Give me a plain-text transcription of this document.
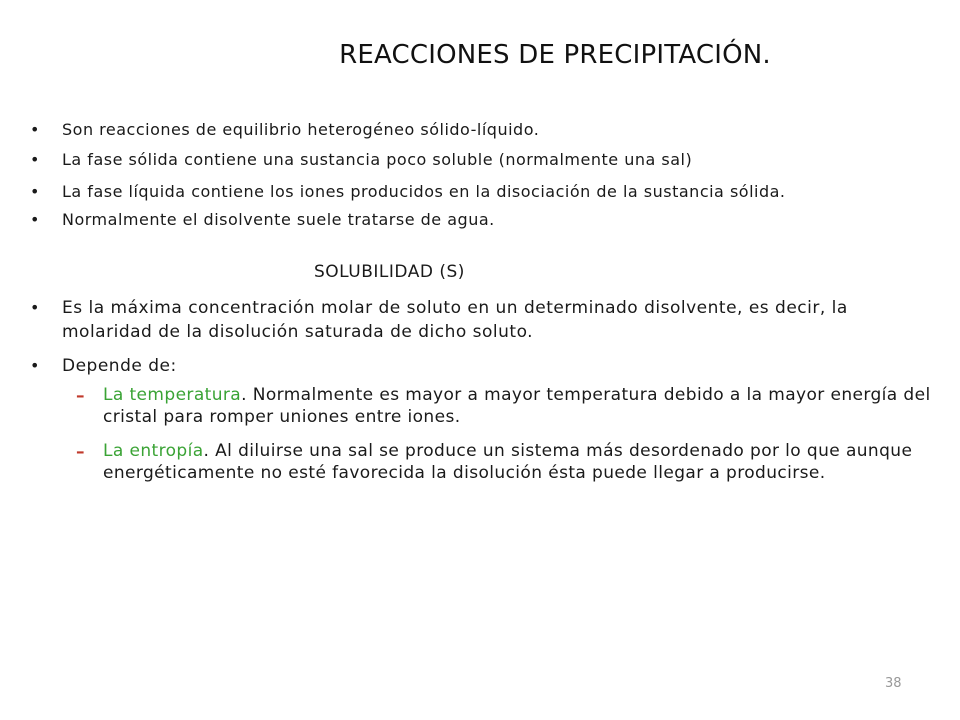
REACCIONES DE PRECIPITACIÓN.
• Son reacciones de equilibrio heterogéneo sólido-líquido.
• La fase sólida contiene una sustancia poco soluble (normalmente una sal)
• La fase líquida contiene los iones producidos en la disociación de la sustancia sólida.
• Normalmente el disolvente suele tratarse de agua.
SOLUBILIDAD (S)
• Es la máxima concentración molar de soluto en un determinado disolvente, es decir, la molaridad de la disolución saturada de dicho soluto.
• Depende de:
– La temperatura. Normalmente es mayor a mayor temperatura debido a la mayor energía del cristal para romper uniones entre iones.
– La entropía. Al diluirse una sal se produce un sistema más desordenado por lo que aunque energéticamente no esté favorecida la disolución ésta puede llegar a producirse.
38
